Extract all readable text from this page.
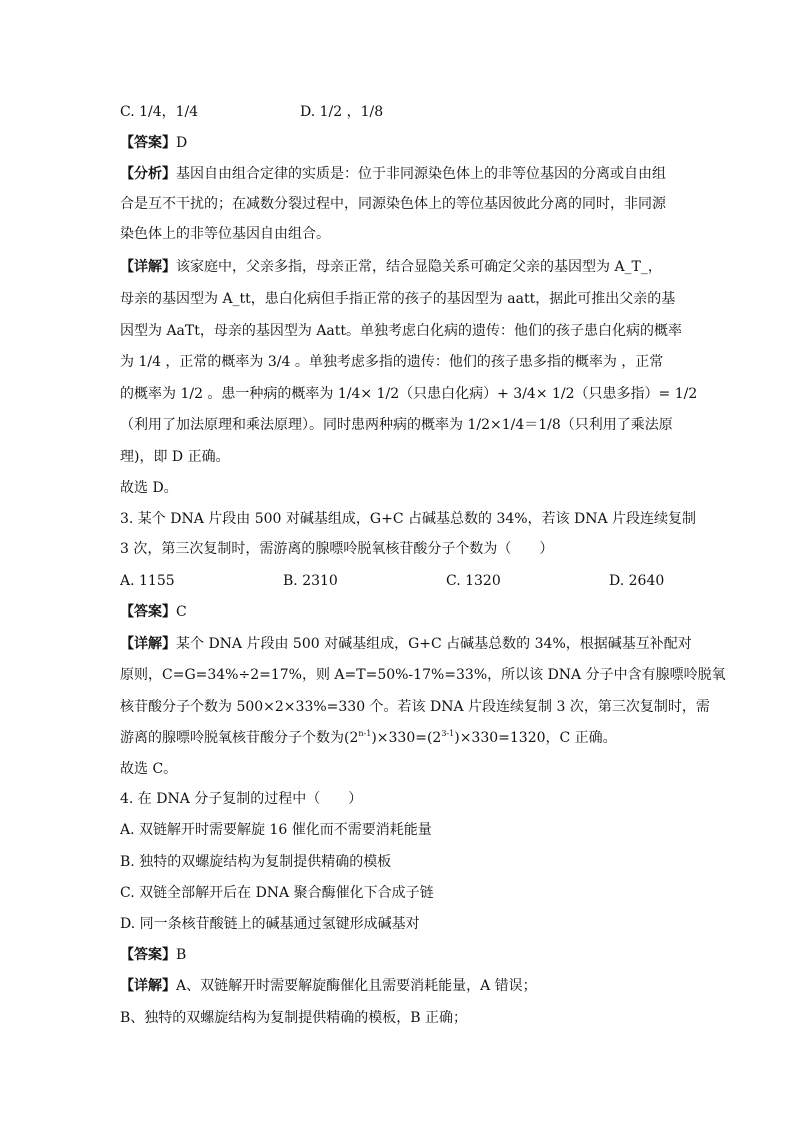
C. 1/4，1/4	D. 1/2 ，1/8
【答案】D
【分析】基因自由组合定律的实质是：位于非同源染色体上的非等位基因的分离或自由组
合是互不干扰的；在减数分裂过程中，同源染色体上的等位基因彼此分离的同时，非同源
染色体上的非等位基因自由组合。
【详解】该家庭中，父亲多指，母亲正常，结合显隐关系可确定父亲的基因型为 A_T_，
母亲的基因型为 A_tt，患白化病但手指正常的孩子的基因型为 aatt，据此可推出父亲的基
因型为 AaTt，母亲的基因型为 Aatt。单独考虑白化病的遗传：他们的孩子患白化病的概率
为 1/4 ，正常的概率为 3/4 。单独考虑多指的遗传：他们的孩子患多指的概率为 ，正常
的概率为 1/2 。患一种病的概率为 1/4× 1/2（只患白化病）+ 3/4× 1/2（只患多指）= 1/2
（利用了加法原理和乘法原理）。同时患两种病的概率为 1/2×1/4＝1/8（只利用了乘法原
理)，即 D 正确。
故选 D。
3. 某个 DNA 片段由 500 对碱基组成，G+C 占碱基总数的 34%，若该 DNA 片段连续复制
3 次，第三次复制时，需游离的腺嘌呤脱氧核苷酸分子个数为（　　）
A. 1155	B. 2310	C. 1320	D. 2640
【答案】C
【详解】某个 DNA 片段由 500 对碱基组成，G+C 占碱基总数的 34%，根据碱基互补配对
原则，C=G=34%÷2=17%，则 A=T=50%-17%=33%，所以该 DNA 分子中含有腺嘌呤脱氧
核苷酸分子个数为 500×2×33%=330 个。若该 DNA 片段连续复制 3 次，第三次复制时，需
游离的腺嘌呤脱氧核苷酸分子个数为$(2^{n-1})\times 330=(2^{3-1})\times 330=1320$，C 正确。
故选 C。
4. 在 DNA 分子复制的过程中（　　）
A. 双链解开时需要解旋 16 催化而不需要消耗能量
B. 独特的双螺旋结构为复制提供精确的模板
C. 双链全部解开后在 DNA 聚合酶催化下合成子链
D. 同一条核苷酸链上的碱基通过氢键形成碱基对
【答案】B
【详解】A、双链解开时需要解旋酶催化且需要消耗能量，A 错误；
B、独特的双螺旋结构为复制提供精确的模板，B 正确；
